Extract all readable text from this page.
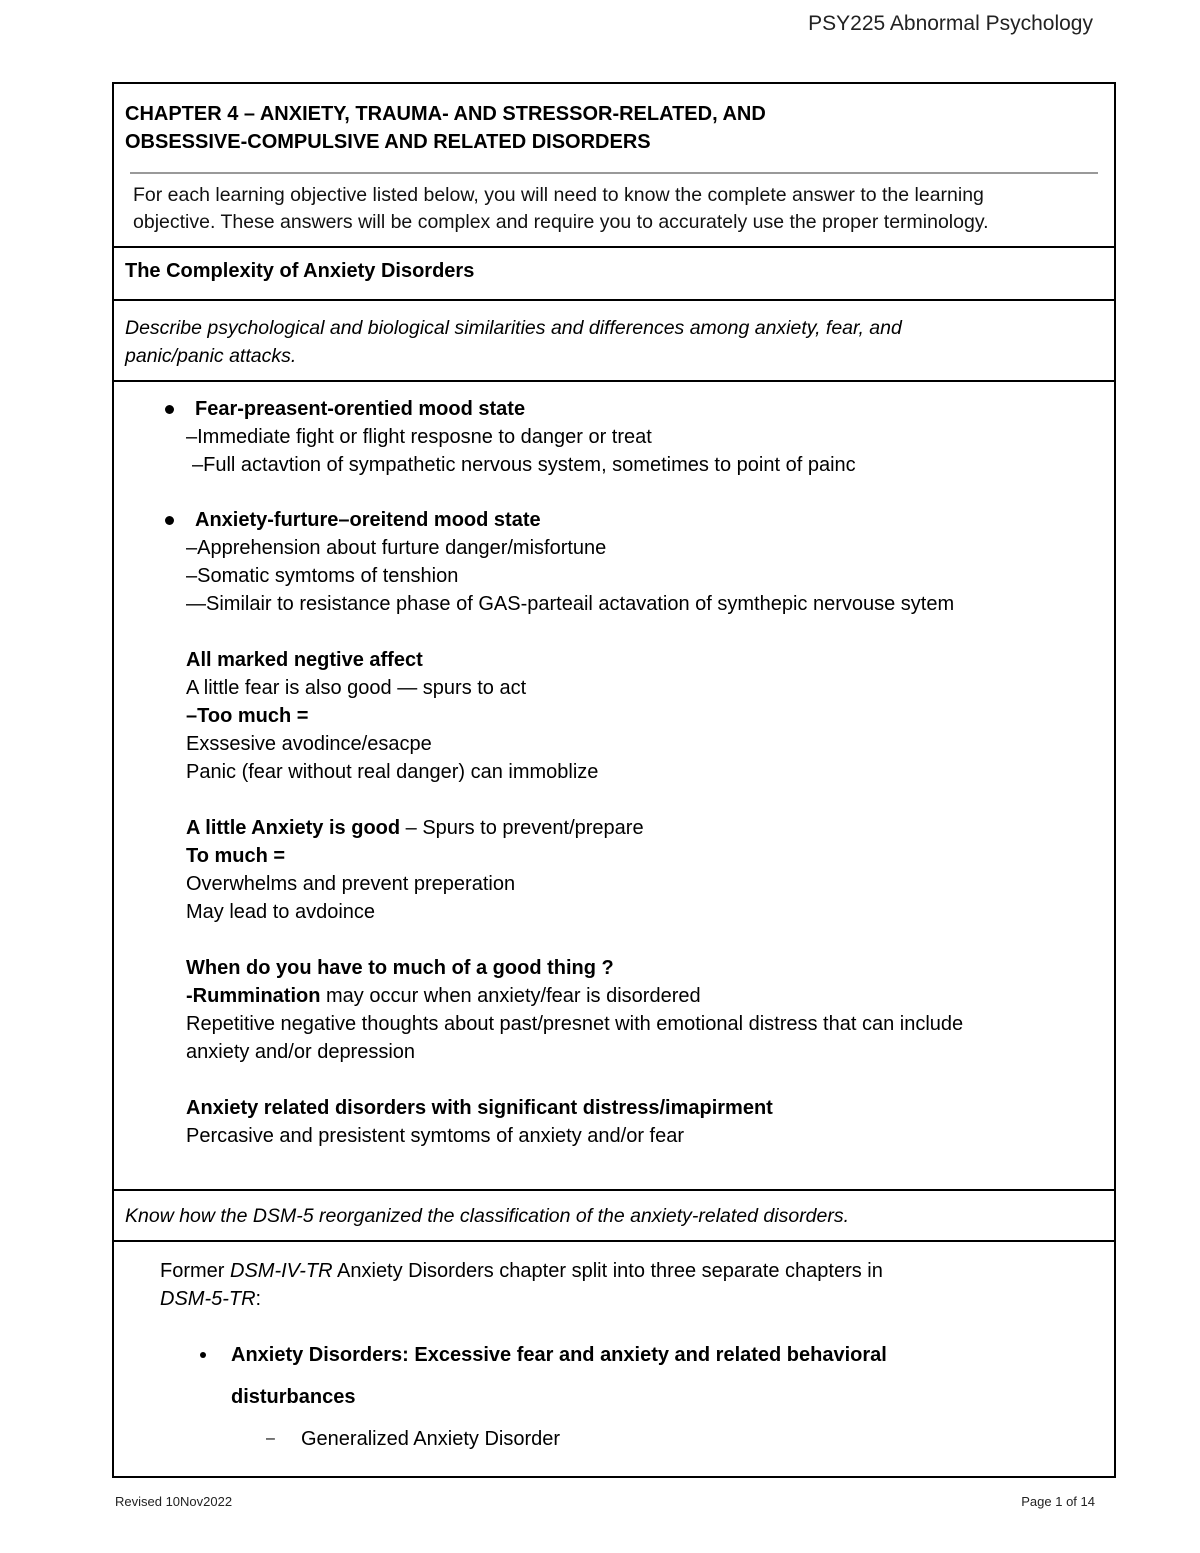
PSY225 Abnormal Psychology
CHAPTER 4 – ANXIETY, TRAUMA- AND STRESSOR-RELATED, AND
OBSESSIVE-COMPULSIVE AND RELATED DISORDERS
For each learning objective listed below, you will need to know the complete answer to the learning
objective. These answers will be complex and require you to accurately use the proper terminology.
The Complexity of Anxiety Disorders
Describe psychological and biological similarities and differences among anxiety, fear, and
panic/panic attacks.
Fear-preasent-orentied mood state
–Immediate fight or flight resposne to danger or treat
–Full actavtion of sympathetic nervous system, sometimes to point of painc
Anxiety-furture–oreitend mood state
–Apprehension about furture danger/misfortune
–Somatic symtoms of tenshion
—Similair to resistance phase of GAS-parteail actavation of symthepic nervouse sytem
All marked negtive affect
A little fear is also good — spurs to act
–Too much =
Exssesive avodince/esacpe
Panic (fear without real danger) can immoblize
A little Anxiety is good – Spurs to prevent/prepare
To much =
Overwhelms and prevent preperation
May lead to avdoince
When do you have to much of a good thing ?
-Rummination may occur when anxiety/fear is disordered
Repetitive negative thoughts about past/presnet with emotional distress that can include
anxiety and/or depression
Anxiety related disorders with significant distress/imapirment
Percasive and presistent symtoms of anxiety and/or fear
Know how the DSM-5 reorganized the classification of the anxiety-related disorders.
Former DSM-IV-TR Anxiety Disorders chapter split into three separate chapters in
DSM-5-TR:
Anxiety Disorders: Excessive fear and anxiety and related behavioral
disturbances
– Generalized Anxiety Disorder
Revised 10Nov2022	Page 1 of 14
